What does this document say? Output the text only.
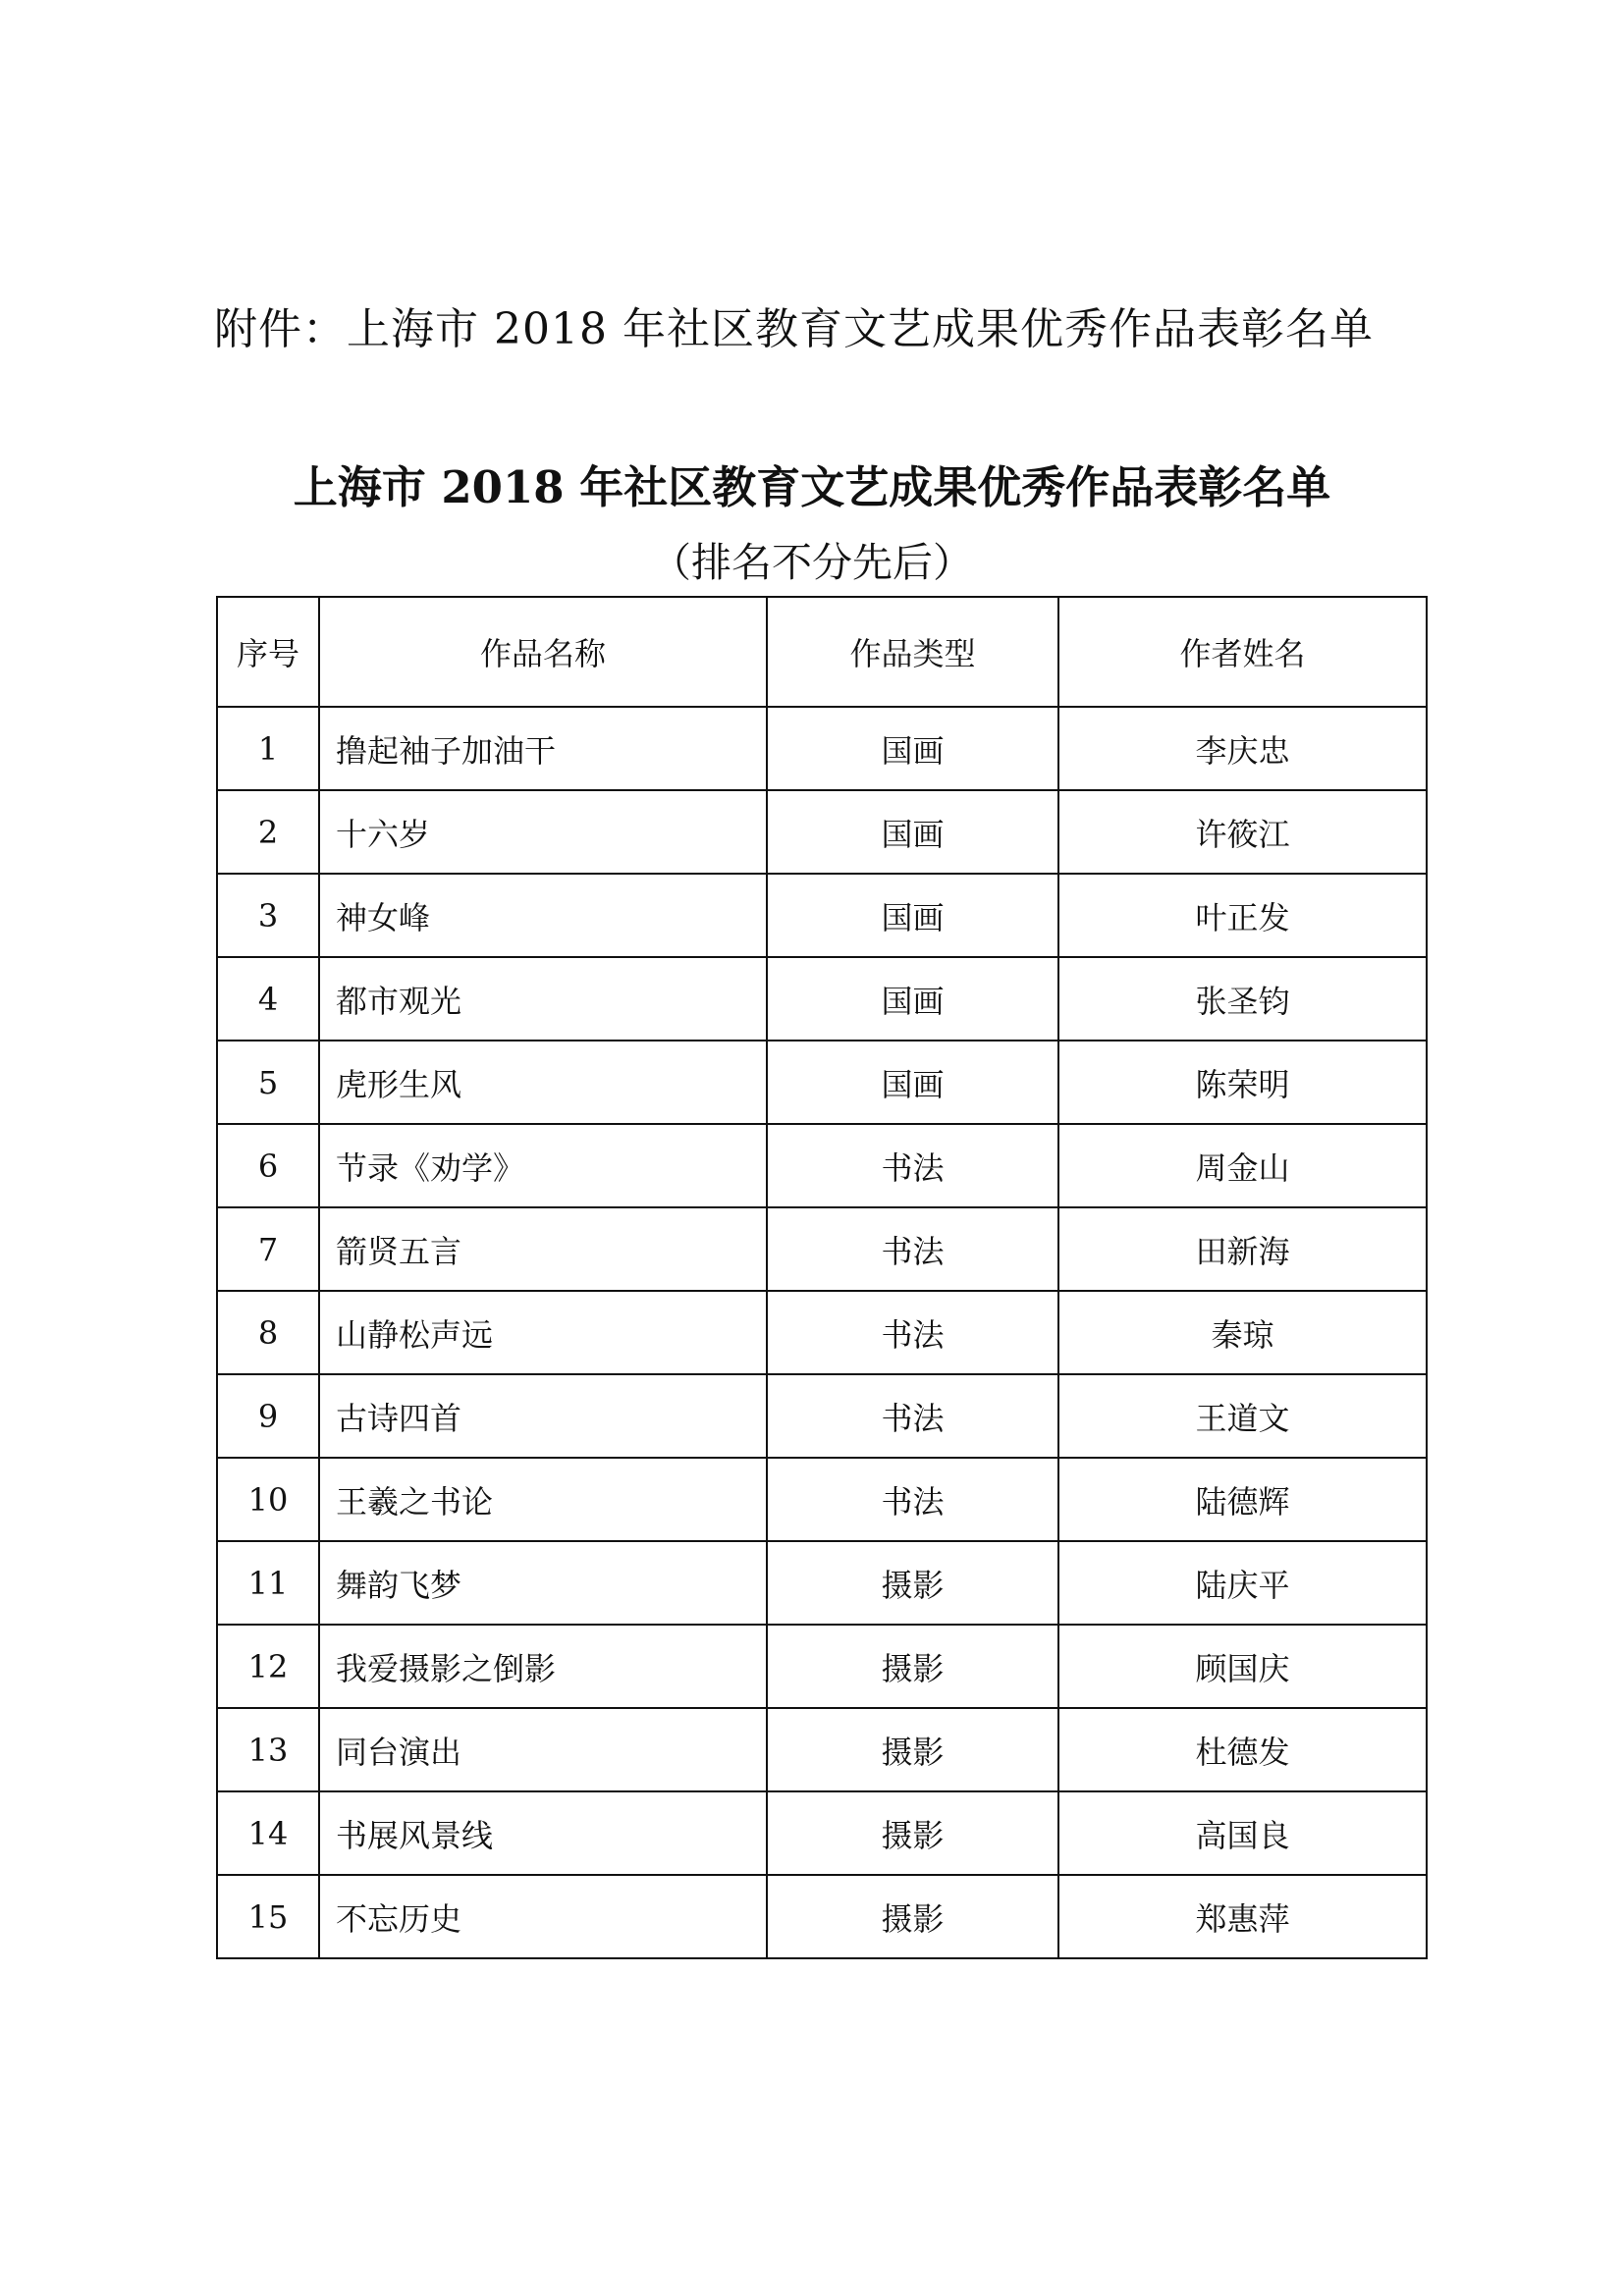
附件：上海市 2018 年社区教育文艺成果优秀作品表彰名单
上海市 2018 年社区教育文艺成果优秀作品表彰名单
（排名不分先后）
序号	作品名称	作品类型	作者姓名
1	撸起袖子加油干	国画	李庆忠
2	十六岁	国画	许筱江
3	神女峰	国画	叶正发
4	都市观光	国画	张圣钧
5	虎形生风	国画	陈荣明
6	节录《劝学》	书法	周金山
7	箭贤五言	书法	田新海
8	山静松声远	书法	秦琼
9	古诗四首	书法	王道文
10	王羲之书论	书法	陆德辉
11	舞韵飞梦	摄影	陆庆平
12	我爱摄影之倒影	摄影	顾国庆
13	同台演出	摄影	杜德发
14	书展风景线	摄影	高国良
15	不忘历史	摄影	郑惠萍
